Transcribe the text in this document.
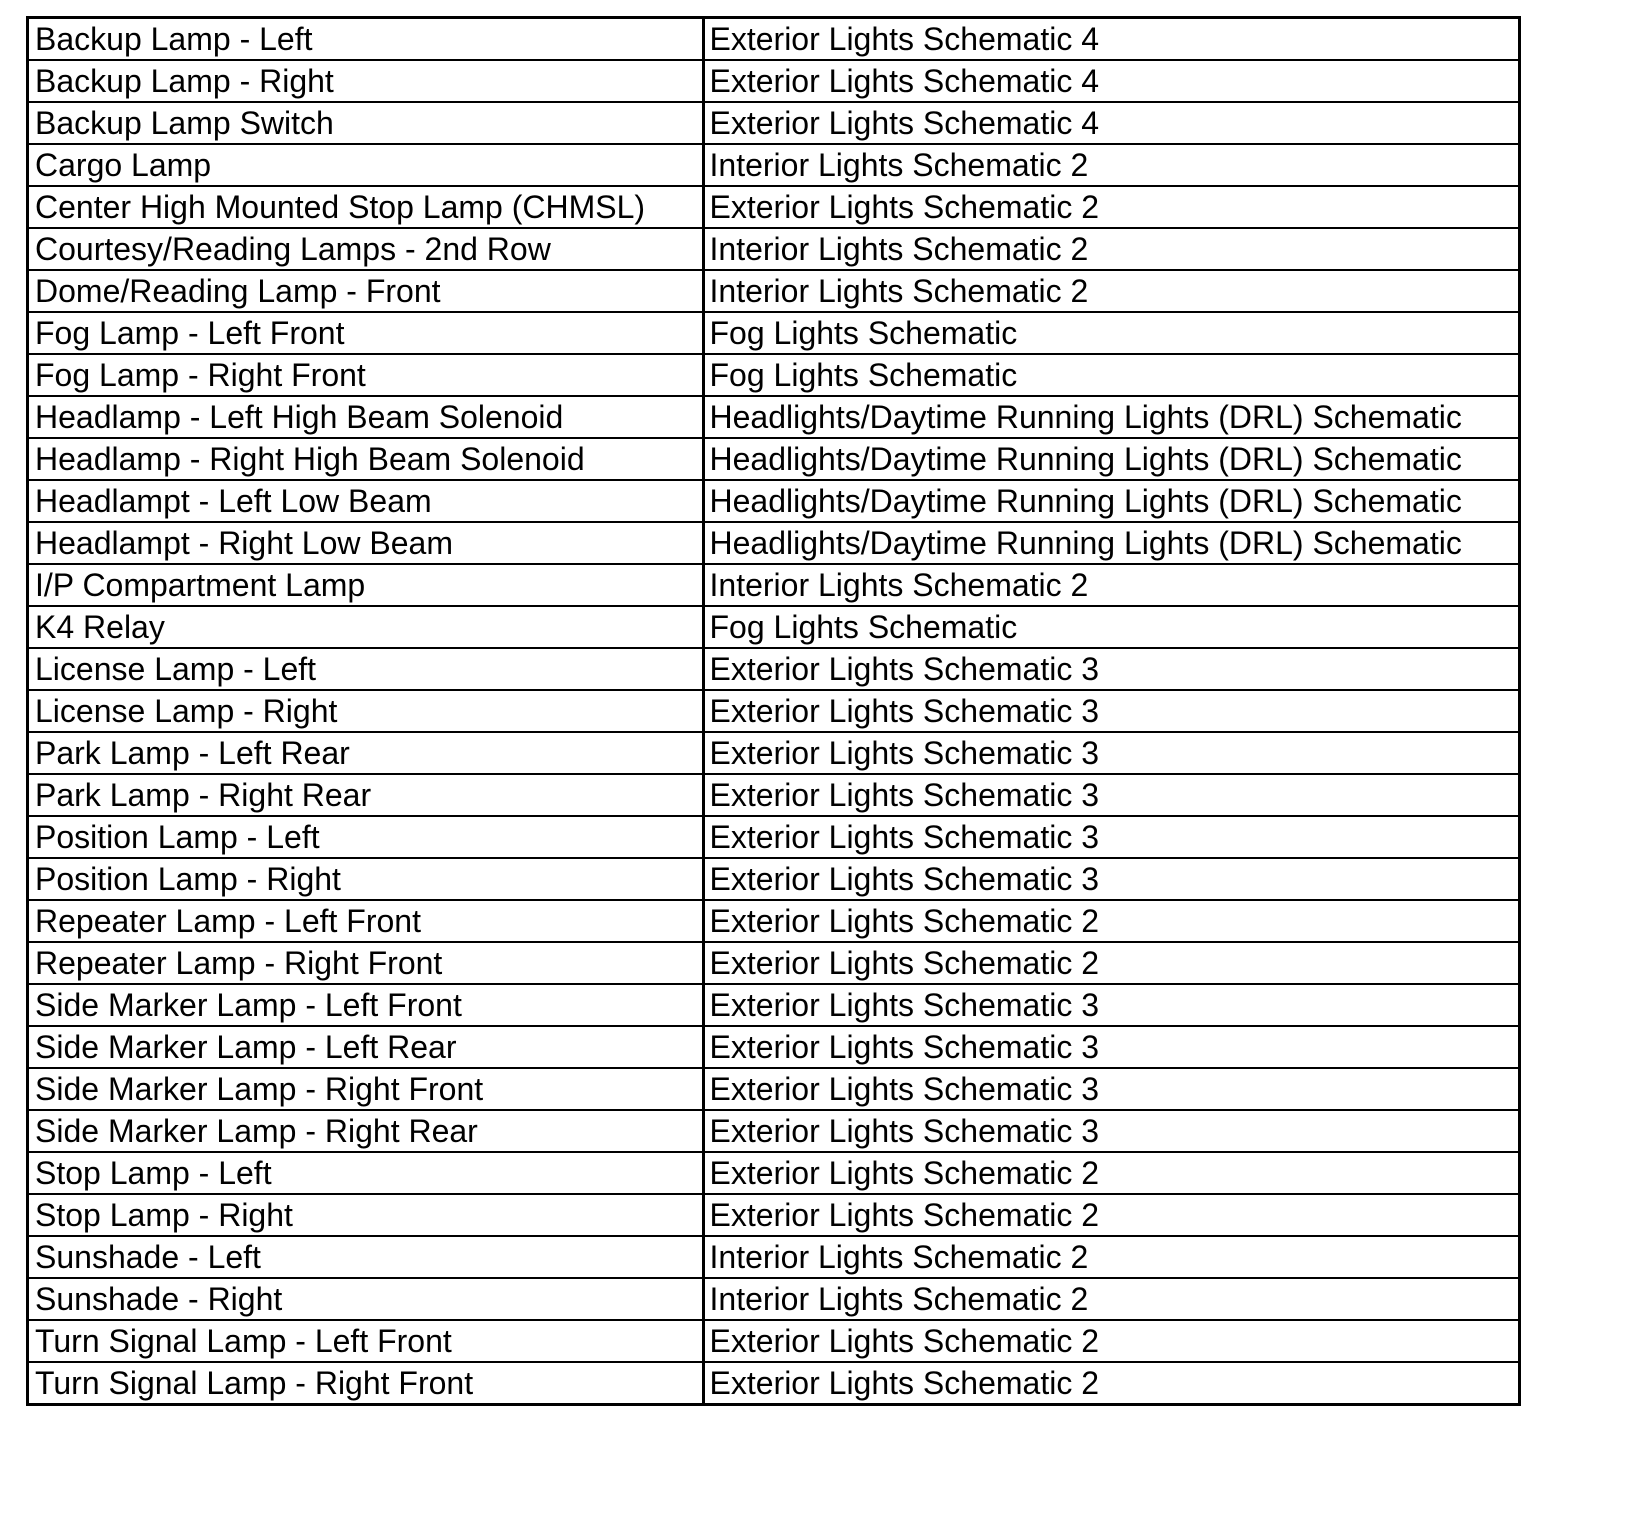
Backup Lamp - Left	Exterior Lights Schematic 4
Backup Lamp - Right	Exterior Lights Schematic 4
Backup Lamp Switch	Exterior Lights Schematic 4
Cargo Lamp	Interior Lights Schematic 2
Center High Mounted Stop Lamp (CHMSL)	Exterior Lights Schematic 2
Courtesy/Reading Lamps - 2nd Row	Interior Lights Schematic 2
Dome/Reading Lamp - Front	Interior Lights Schematic 2
Fog Lamp - Left Front	Fog Lights Schematic
Fog Lamp - Right Front	Fog Lights Schematic
Headlamp - Left High Beam Solenoid	Headlights/Daytime Running Lights (DRL) Schematic
Headlamp - Right High Beam Solenoid	Headlights/Daytime Running Lights (DRL) Schematic
Headlampt - Left Low Beam	Headlights/Daytime Running Lights (DRL) Schematic
Headlampt - Right Low Beam	Headlights/Daytime Running Lights (DRL) Schematic
I/P Compartment Lamp	Interior Lights Schematic 2
K4 Relay	Fog Lights Schematic
License Lamp - Left	Exterior Lights Schematic 3
License Lamp - Right	Exterior Lights Schematic 3
Park Lamp - Left Rear	Exterior Lights Schematic 3
Park Lamp - Right Rear	Exterior Lights Schematic 3
Position Lamp - Left	Exterior Lights Schematic 3
Position Lamp - Right	Exterior Lights Schematic 3
Repeater Lamp - Left Front	Exterior Lights Schematic 2
Repeater Lamp - Right Front	Exterior Lights Schematic 2
Side Marker Lamp - Left Front	Exterior Lights Schematic 3
Side Marker Lamp - Left Rear	Exterior Lights Schematic 3
Side Marker Lamp - Right Front	Exterior Lights Schematic 3
Side Marker Lamp - Right Rear	Exterior Lights Schematic 3
Stop Lamp - Left	Exterior Lights Schematic 2
Stop Lamp - Right	Exterior Lights Schematic 2
Sunshade - Left	Interior Lights Schematic 2
Sunshade - Right	Interior Lights Schematic 2
Turn Signal Lamp - Left Front	Exterior Lights Schematic 2
Turn Signal Lamp - Right Front	Exterior Lights Schematic 2
